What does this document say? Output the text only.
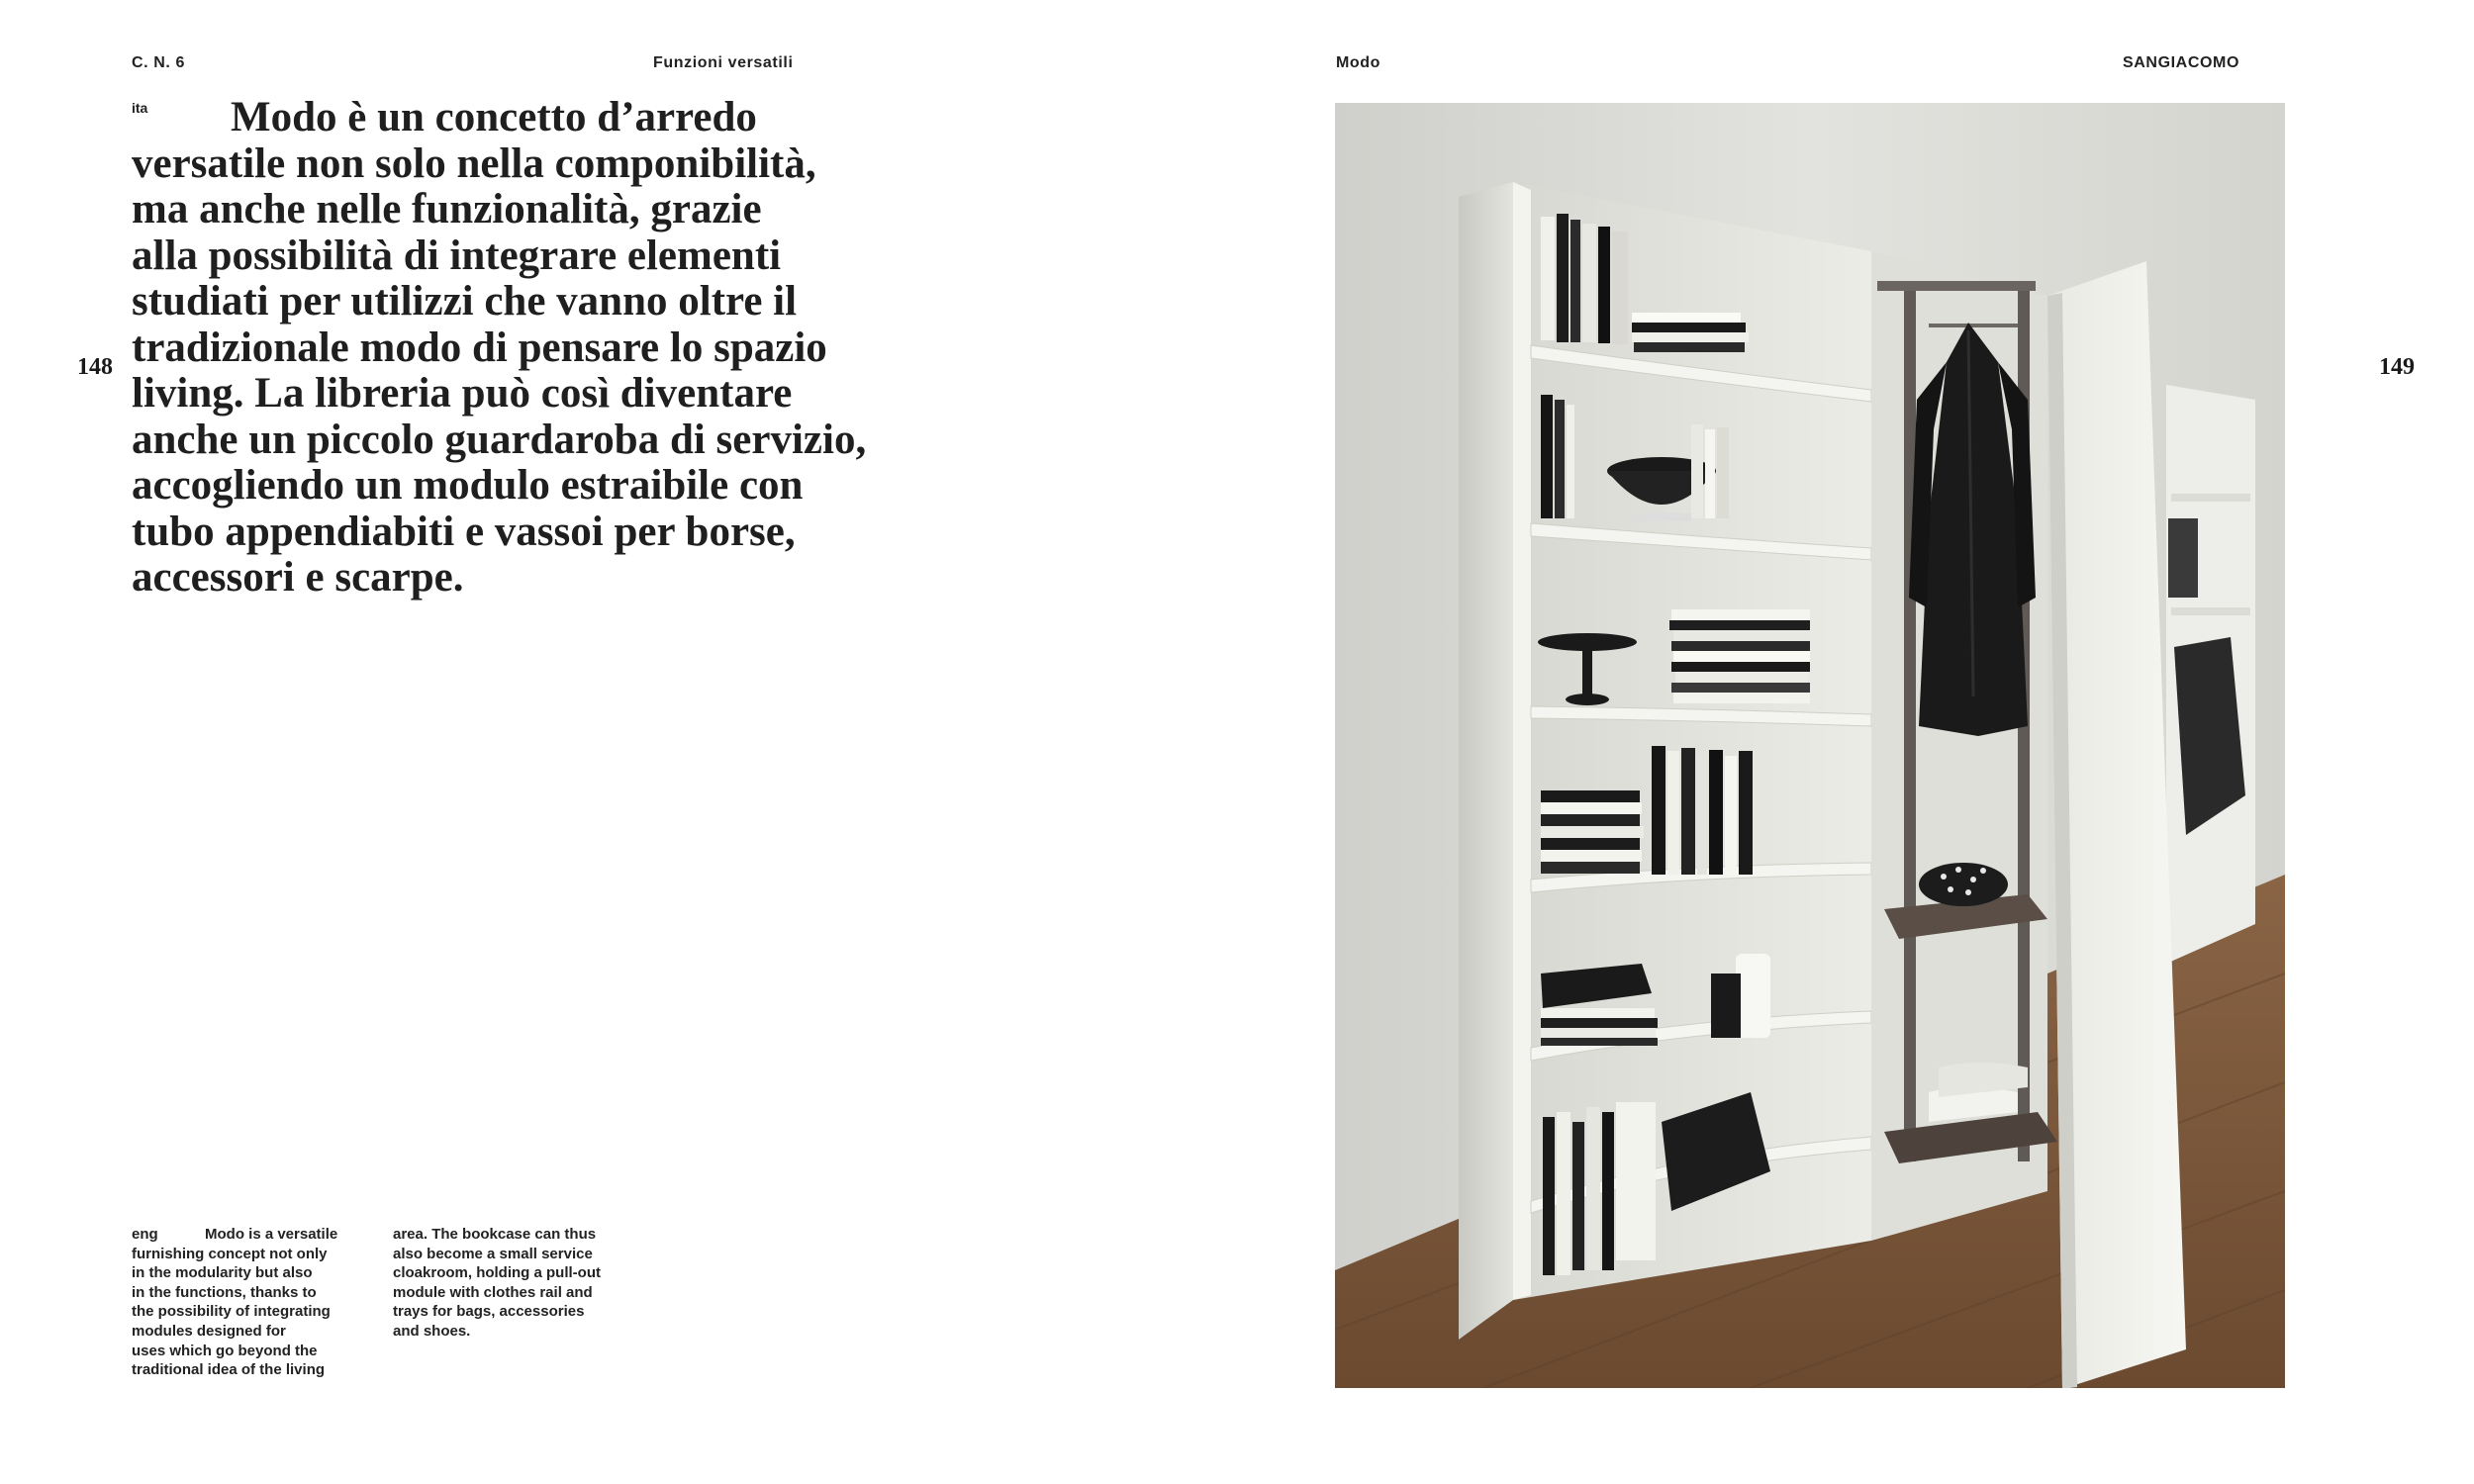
C. N. 6	Funzioni versatili	Modo	SANGIACOMO
148	149
ita	Modo è un concetto d’arredo
versatile non solo nella componibilità,
ma anche nelle funzionalità, grazie
alla possibilità di integrare elementi
studiati per utilizzi che vanno oltre il
tradizionale modo di pensare lo spazio
living. La libreria può così diventare
anche un piccolo guardaroba di servizio,
accogliendo un modulo estraibile con
tubo appendiabiti e vassoi per borse,
accessori e scarpe.
eng	Modo is a versatile
furnishing concept not only
in the modularity but also
in the functions, thanks to
the possibility of integrating
modules designed for
uses which go beyond the
traditional idea of the living
area. The bookcase can thus
also become a small service
cloakroom, holding a pull-out
module with clothes rail and
trays for bags, accessories
and shoes.
